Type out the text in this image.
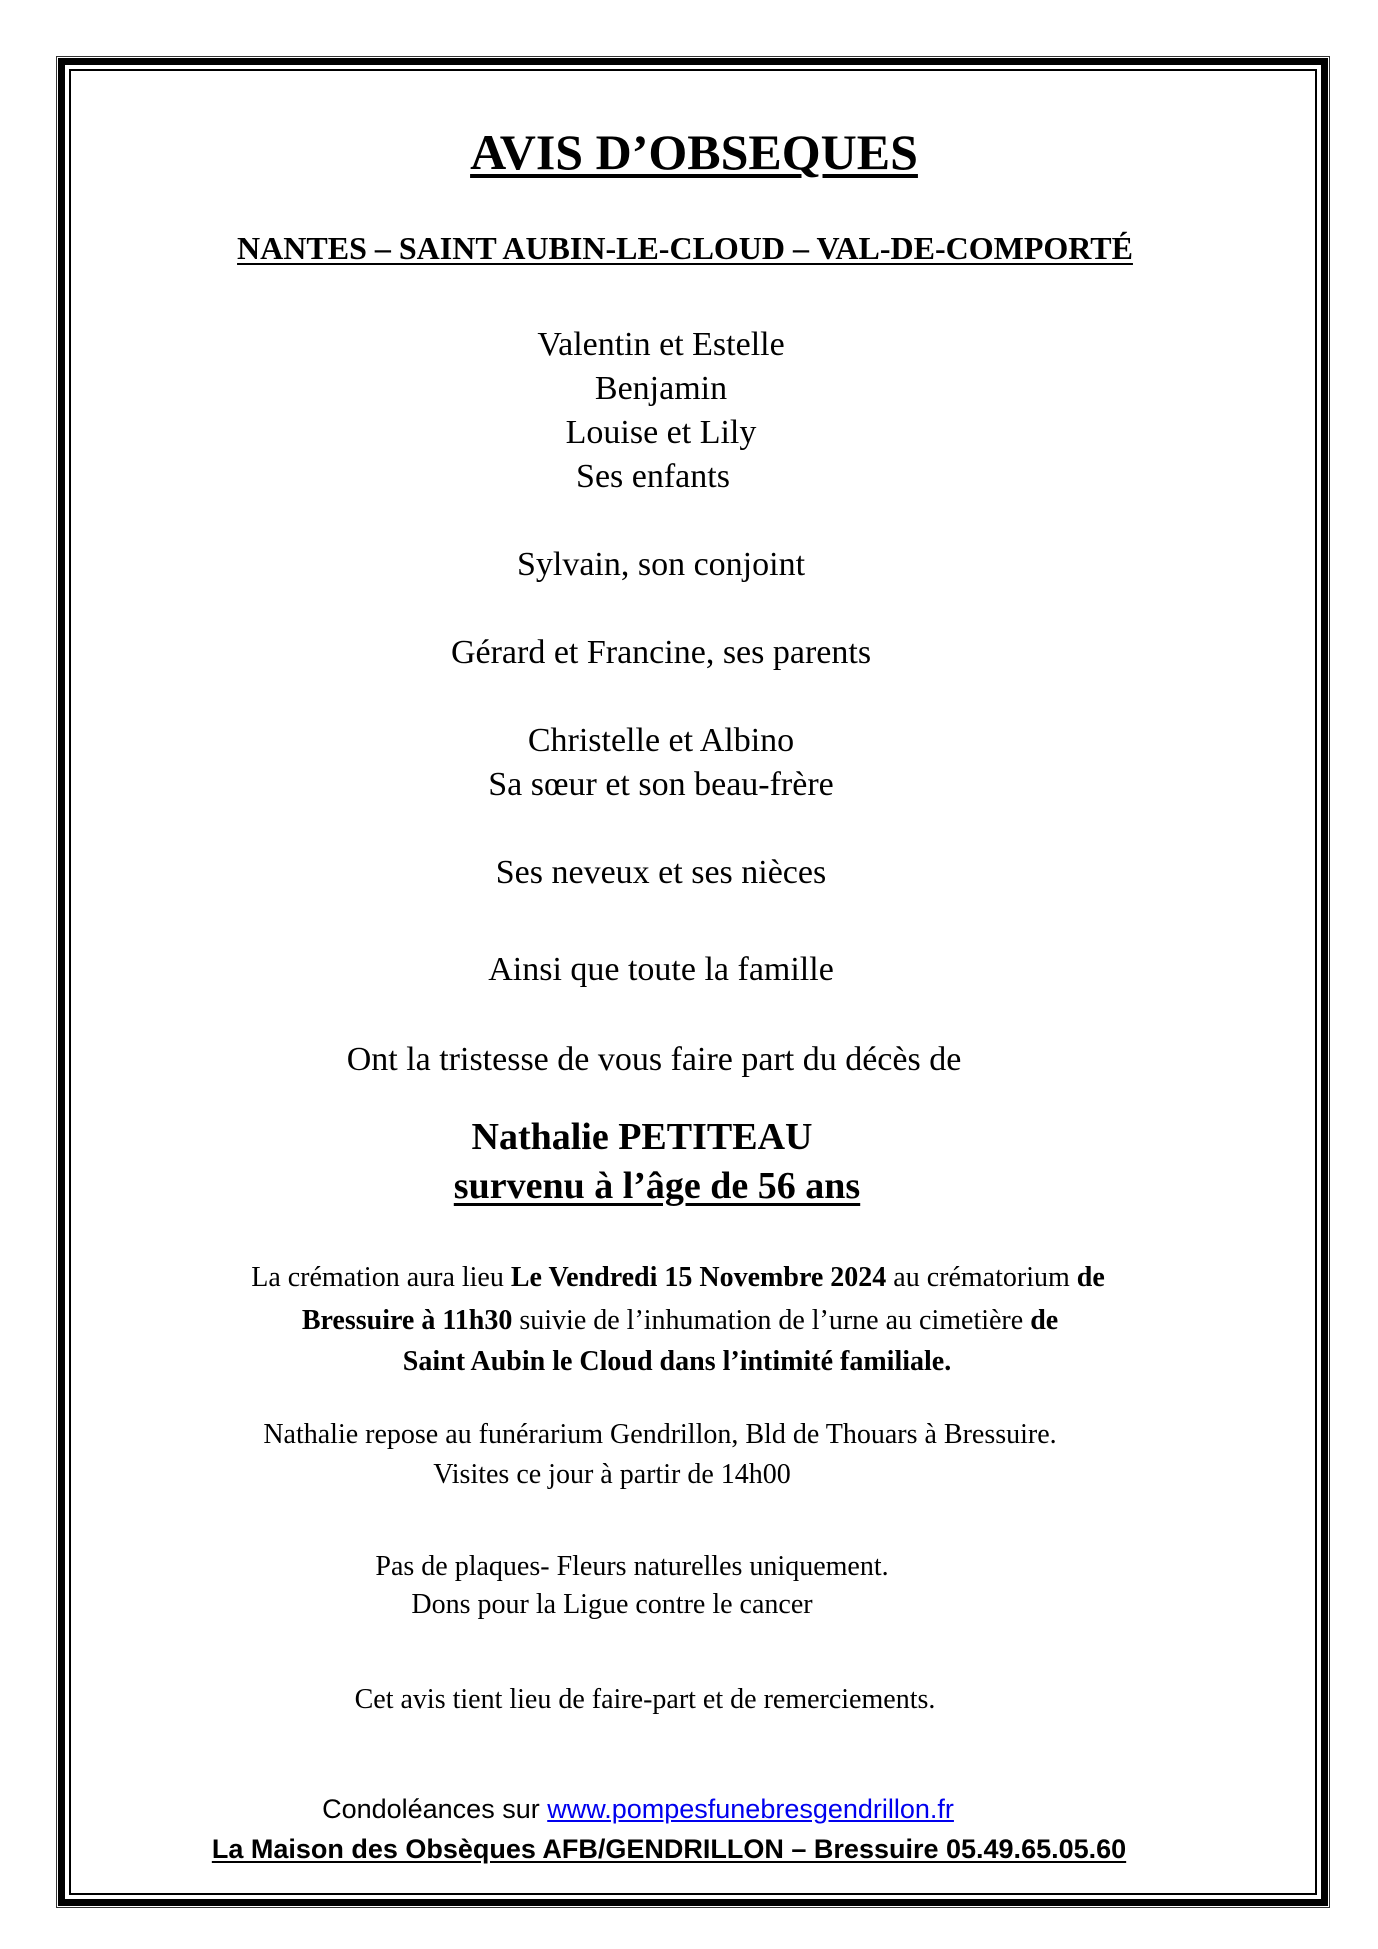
AVIS D’OBSEQUES
NANTES – SAINT AUBIN-LE-CLOUD – VAL-DE-COMPORTÉ
Valentin et Estelle
Benjamin
Louise et Lily
Ses enfants
Sylvain, son conjoint
Gérard et Francine, ses parents
Christelle et Albino
Sa sœur et son beau-frère
Ses neveux et ses nièces
Ainsi que toute la famille
Ont la tristesse de vous faire part du décès de
Nathalie PETITEAU
survenu à l’âge de 56 ans
La crémation aura lieu Le Vendredi 15 Novembre 2024 au crématorium de
Bressuire à 11h30 suivie de l’inhumation de l’urne au cimetière de
Saint Aubin le Cloud dans l’intimité familiale.
Nathalie repose au funérarium Gendrillon, Bld de Thouars à Bressuire.
Visites ce jour à partir de 14h00
Pas de plaques- Fleurs naturelles uniquement.
Dons pour la Ligue contre le cancer
Cet avis tient lieu de faire-part et de remerciements.
Condoléances sur www.pompesfunebresgendrillon.fr
La Maison des Obsèques AFB/GENDRILLON – Bressuire 05.49.65.05.60
